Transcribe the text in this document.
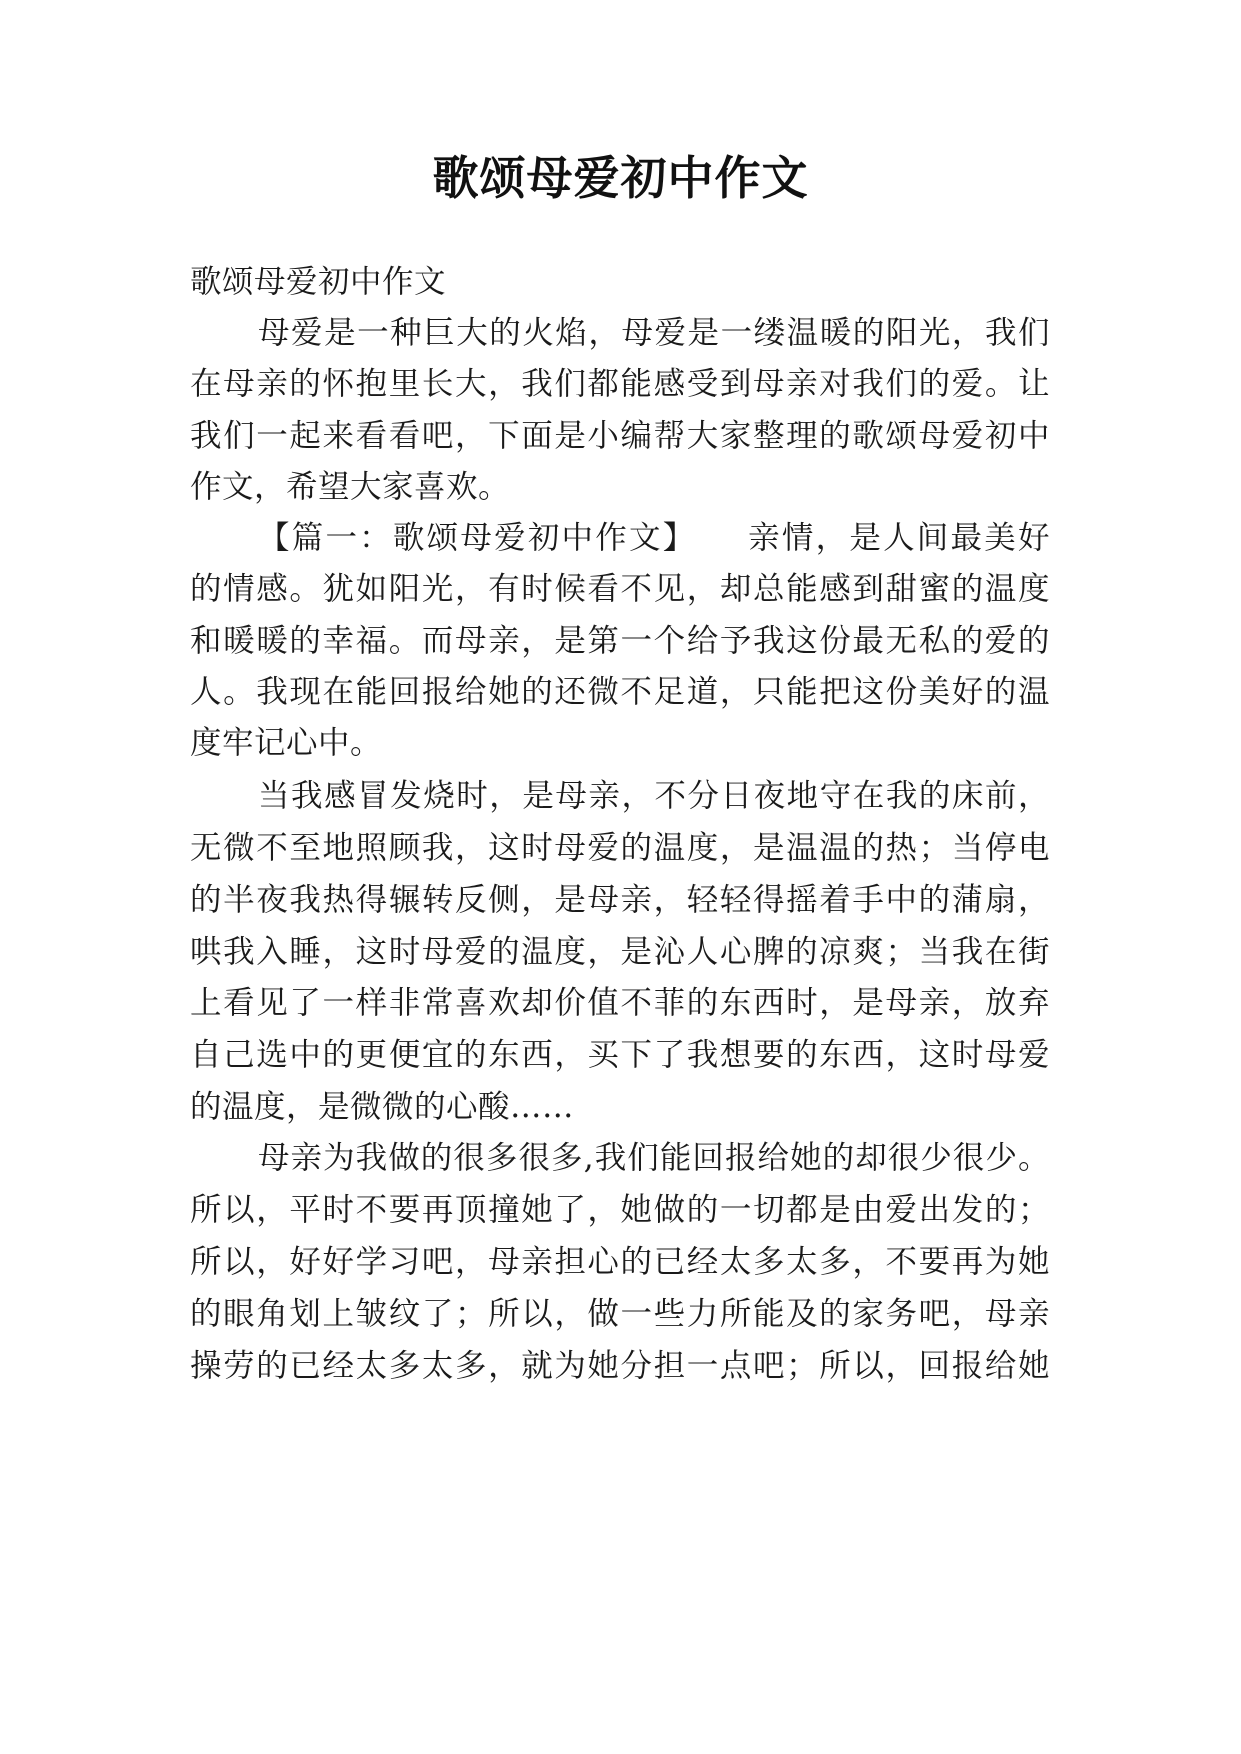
歌颂母爱初中作文
歌颂母爱初中作文
母爱是一种巨大的火焰，母爱是一缕温暖的阳光，我们
在母亲的怀抱里长大，我们都能感受到母亲对我们的爱。让
我们一起来看看吧，下面是小编帮大家整理的歌颂母爱初中
作文，希望大家喜欢。
【篇一：歌颂母爱初中作文】　　亲情，是人间最美好
的情感。犹如阳光，有时候看不见，却总能感到甜蜜的温度
和暖暖的幸福。而母亲，是第一个给予我这份最无私的爱的
人。我现在能回报给她的还微不足道，只能把这份美好的温
度牢记心中。
当我感冒发烧时，是母亲，不分日夜地守在我的床前，
无微不至地照顾我，这时母爱的温度，是温温的热；当停电
的半夜我热得辗转反侧，是母亲，轻轻得摇着手中的蒲扇，
哄我入睡，这时母爱的温度，是沁人心脾的凉爽；当我在街
上看见了一样非常喜欢却价值不菲的东西时，是母亲，放弃
自己选中的更便宜的东西，买下了我想要的东西，这时母爱
的温度，是微微的心酸……
母亲为我做的很多很多,我们能回报给她的却很少很少。
所以，平时不要再顶撞她了，她做的一切都是由爱出发的；
所以，好好学习吧，母亲担心的已经太多太多，不要再为她
的眼角划上皱纹了；所以，做一些力所能及的家务吧，母亲
操劳的已经太多太多，就为她分担一点吧；所以，回报给她
